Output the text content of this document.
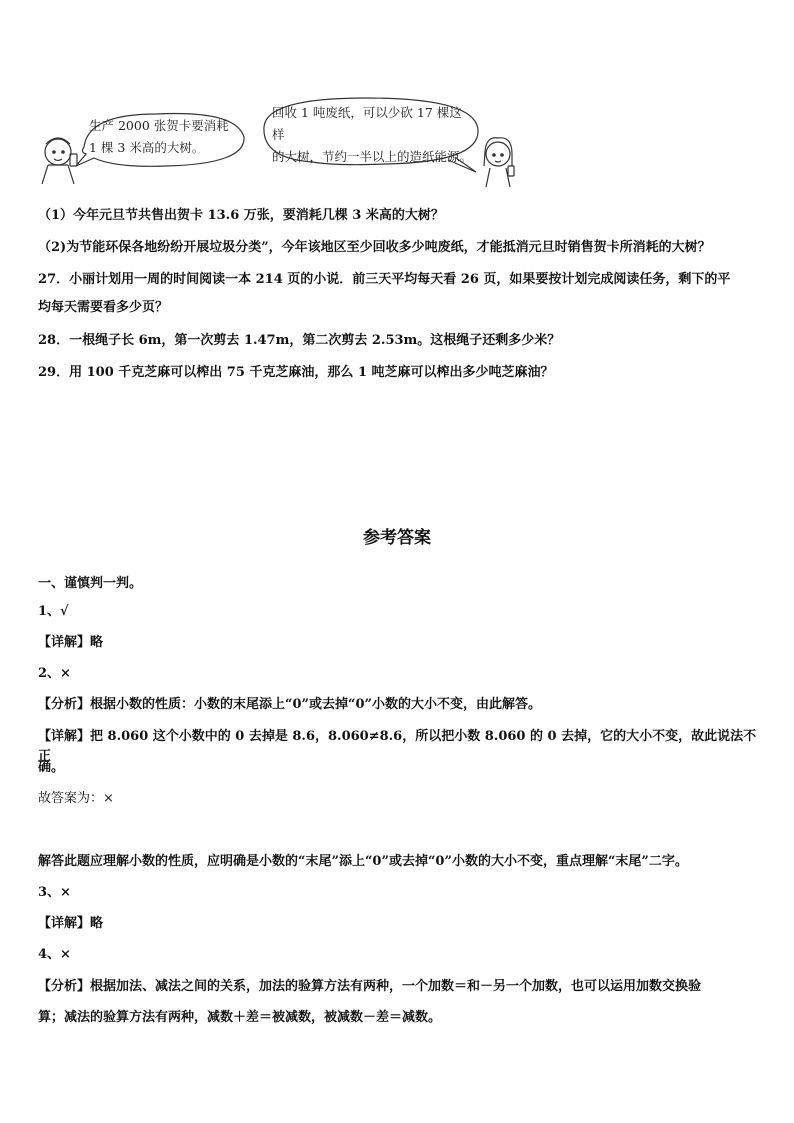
生产 2000 张贺卡要消耗
1 棵 3 米高的大树。
回收 1 吨废纸，可以少砍 17 棵这样
的大树，节约一半以上的造纸能源。
（1）今年元旦节共售出贺卡 13.6 万张，要消耗几棵 3 米高的大树？
（2)为节能环保各地纷纷开展垃圾分类”，今年该地区至少回收多少吨废纸，才能抵消元旦时销售贺卡所消耗的大树？
27．小丽计划用一周的时间阅读一本 214 页的小说．前三天平均每天看 26 页，如果要按计划完成阅读任务，剩下的平
均每天需要看多少页？
28．一根绳子长 6m，第一次剪去 1.47m，第二次剪去 2.53m。这根绳子还剩多少米？
29．用 100 千克芝麻可以榨出 75 千克芝麻油，那么 1 吨芝麻可以榨出多少吨芝麻油？
参考答案
一、谨慎判一判。
1、√
【详解】略
2、×
【分析】根据小数的性质：小数的末尾添上“0”或去掉“0”小数的大小不变，由此解答。
【详解】把 8.060 这个小数中的 0 去掉是 8.6，8.060≠8.6，所以把小数 8.060 的 0 去掉，它的大小不变，故此说法不正
确。
故答案为：×
解答此题应理解小数的性质，应明确是小数的“末尾”添上“0”或去掉“0”小数的大小不变，重点理解“末尾”二字。
3、×
【详解】略
4、×
【分析】根据加法、减法之间的关系，加法的验算方法有两种，一个加数＝和－另一个加数，也可以运用加数交换验
算；减法的验算方法有两种，减数＋差＝被减数，被减数－差＝减数。
